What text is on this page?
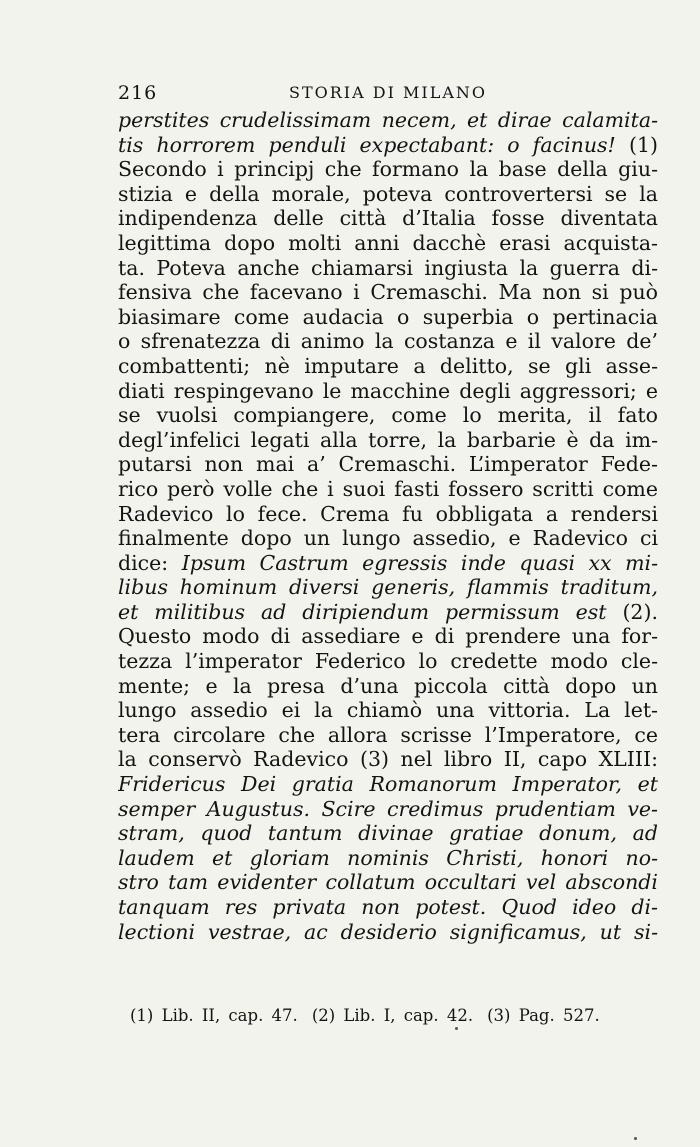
216	STORIA DI MILANO
perstites crudelissimam necem, et dirae calamita-
tis horrorem penduli expectabant: o facinus! (1)
Secondo i principj che formano la base della giu-
stizia e della morale, poteva controvertersi se la
indipendenza delle città d’Italia fosse diventata
legittima dopo molti anni dacchè erasi acquista-
ta. Poteva anche chiamarsi ingiusta la guerra di-
fensiva che facevano i Cremaschi. Ma non si può
biasimare come audacia o superbia o pertinacia
o sfrenatezza di animo la costanza e il valore de’
combattenti; nè imputare a delitto, se gli asse-
diati respingevano le macchine degli aggressori; e
se vuolsi compiangere, come lo merita, il fato
degl’infelici legati alla torre, la barbarie è da im-
putarsi non mai a’ Cremaschi. L’imperator Fede-
rico però volle che i suoi fasti fossero scritti come
Radevico lo fece. Crema fu obbligata a rendersi
finalmente dopo un lungo assedio, e Radevico ci
dice: Ipsum Castrum egressis inde quasi xx mi-
libus hominum diversi generis, flammis traditum,
et militibus ad diripiendum permissum est (2).
Questo modo di assediare e di prendere una for-
tezza l’imperator Federico lo credette modo cle-
mente; e la presa d’una piccola città dopo un
lungo assedio ei la chiamò una vittoria. La let-
tera circolare che allora scrisse l’Imperatore, ce
la conservò Radevico (3) nel libro II, capo XLIII:
Fridericus Dei gratia Romanorum Imperator, et
semper Augustus. Scire credimus prudentiam ve-
stram, quod tantum divinae gratiae donum, ad
laudem et gloriam nominis Christi, honori no-
stro tam evidenter collatum occultari vel abscondi
tanquam res privata non potest. Quod ideo di-
lectioni vestrae, ac desiderio significamus, ut si-
(1) Lib. II, cap. 47. (2) Lib. I, cap. 42. (3) Pag. 527.
